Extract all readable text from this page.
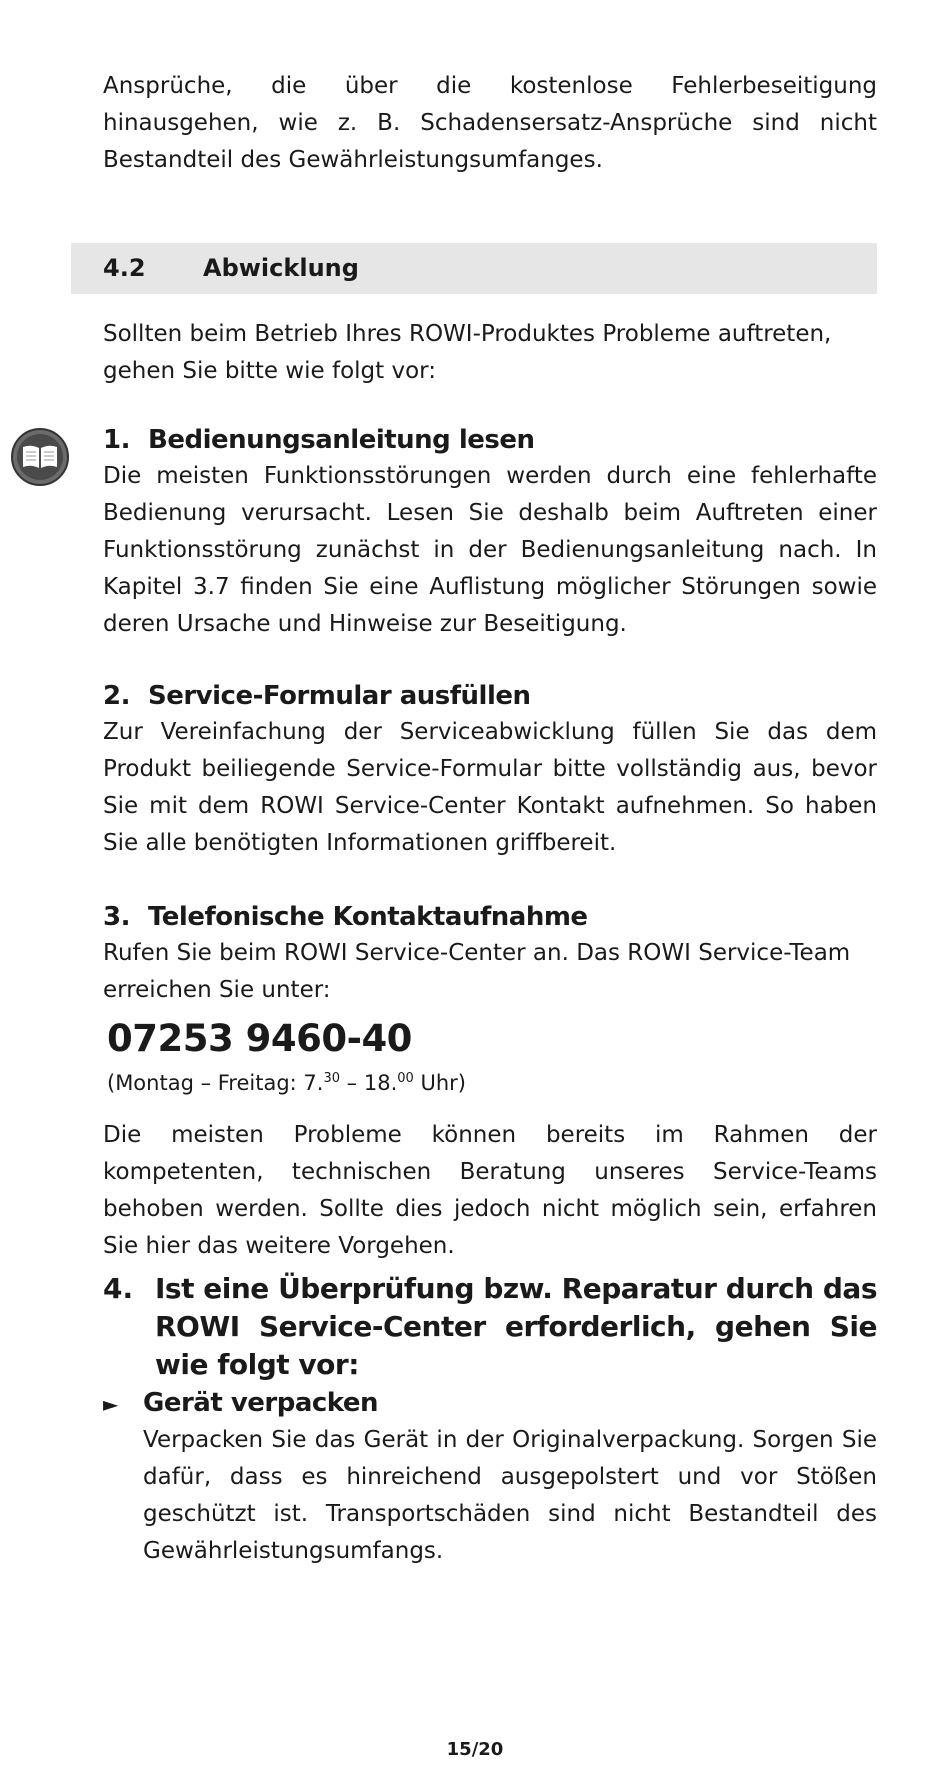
Ansprüche, die über die kostenlose Fehlerbeseitigung hinausgehen, wie z. B. Schadensersatz-Ansprüche sind nicht Bestandteil des Gewährleistungsumfanges.

4.2 Abwicklung

Sollten beim Betrieb Ihres ROWI-Produktes Probleme auftreten, gehen Sie bitte wie folgt vor:

1. Bedienungsanleitung lesen

Die meisten Funktionsstörungen werden durch eine fehlerhafte Bedienung verursacht. Lesen Sie deshalb beim Auftreten einer Funktionsstörung zunächst in der Bedienungsanleitung nach. In Kapitel 3.7 finden Sie eine Auflistung möglicher Störungen sowie deren Ursache und Hinweise zur Beseitigung.

2. Service-Formular ausfüllen

Zur Vereinfachung der Serviceabwicklung füllen Sie das dem Produkt beiliegende Service-Formular bitte vollständig aus, bevor Sie mit dem ROWI Service-Center Kontakt aufnehmen. So haben Sie alle benötigten Informationen griffbereit.

3. Telefonische Kontaktaufnahme

Rufen Sie beim ROWI Service-Center an. Das ROWI Service-Team erreichen Sie unter:

07253 9460-40
(Montag – Freitag: 7.30 – 18.00 Uhr)

Die meisten Probleme können bereits im Rahmen der kompetenten, technischen Beratung unseres Service-Teams behoben werden. Sollte dies jedoch nicht möglich sein, erfahren Sie hier das weitere Vorgehen.

4. Ist eine Überprüfung bzw. Reparatur durch das ROWI Service-Center erforderlich, gehen Sie wie folgt vor:
► Gerät verpacken

Verpacken Sie das Gerät in der Originalverpackung. Sorgen Sie dafür, dass es hinreichend ausgepolstert und vor Stößen geschützt ist. Transportschäden sind nicht Bestandteil des Gewährleistungsumfangs.

15/20
